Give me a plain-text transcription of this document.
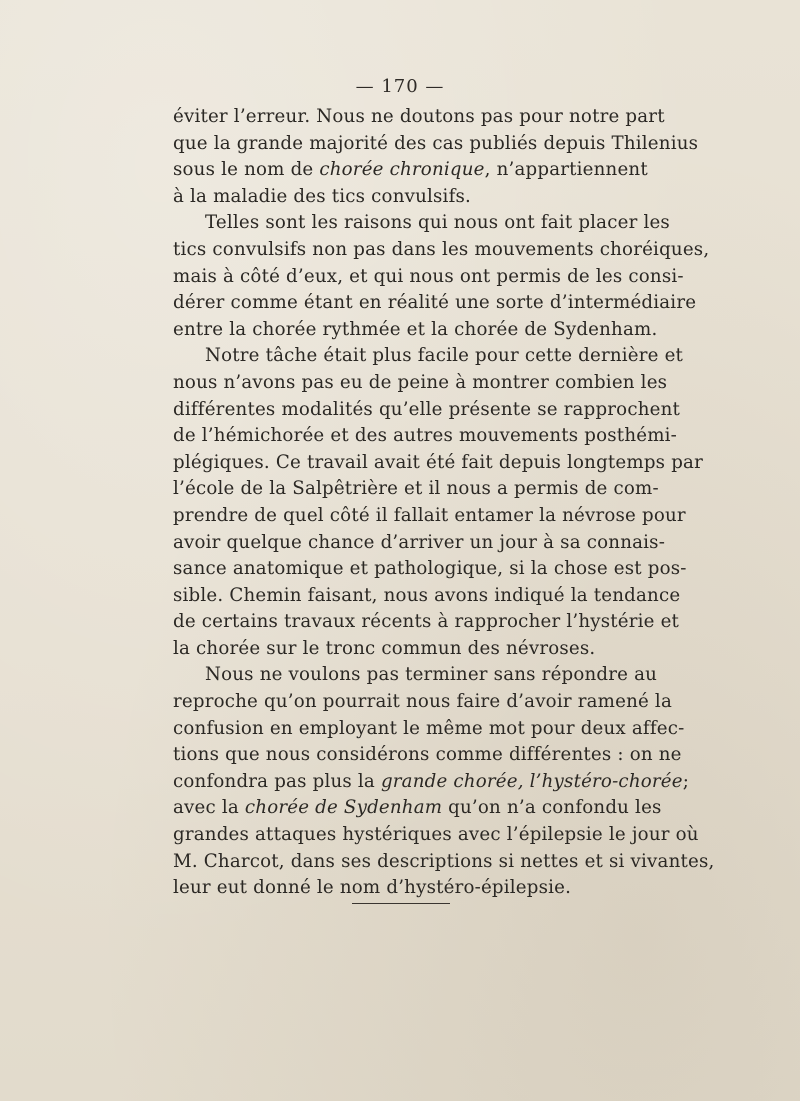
— 170 —
éviter l’erreur. Nous ne doutons pas pour notre part
que la grande majorité des cas publiés depuis Thilenius
sous le nom de chorée chronique, n’appartiennent
à la maladie des tics convulsifs.
Telles sont les raisons qui nous ont fait placer les
tics convulsifs non pas dans les mouvements choréiques,
mais à côté d’eux, et qui nous ont permis de les consi-
dérer comme étant en réalité une sorte d’intermédiaire
entre la chorée rythmée et la chorée de Sydenham.
Notre tâche était plus facile pour cette dernière et
nous n’avons pas eu de peine à montrer combien les
différentes modalités qu’elle présente se rapprochent
de l’hémichorée et des autres mouvements posthémi-
plégiques. Ce travail avait été fait depuis longtemps par
l’école de la Salpêtrière et il nous a permis de com-
prendre de quel côté il fallait entamer la névrose pour
avoir quelque chance d’arriver un jour à sa connais-
sance anatomique et pathologique, si la chose est pos-
sible. Chemin faisant, nous avons indiqué la tendance
de certains travaux récents à rapprocher l’hystérie et
la chorée sur le tronc commun des névroses.
Nous ne voulons pas terminer sans répondre au
reproche qu’on pourrait nous faire d’avoir ramené la
confusion en employant le même mot pour deux affec-
tions que nous considérons comme différentes : on ne
confondra pas plus la grande chorée, l’hystéro-chorée;
avec la chorée de Sydenham qu’on n’a confondu les
grandes attaques hystériques avec l’épilepsie le jour où
M. Charcot, dans ses descriptions si nettes et si vivantes,
leur eut donné le nom d’hystéro-épilepsie.
